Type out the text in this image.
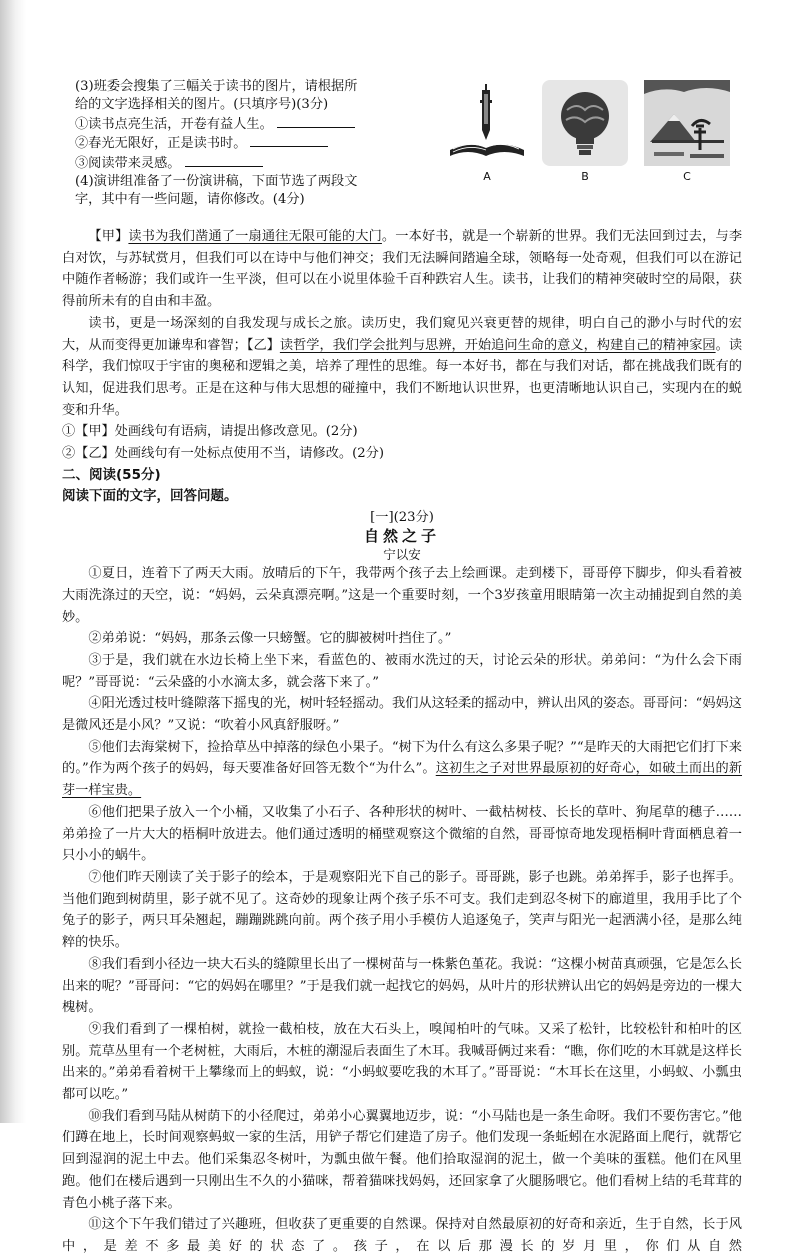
(3)班委会搜集了三幅关于读书的图片，请根据所

给的文字选择相关的图片。(只填序号)(3分)

①读书点亮生活，开卷有益人生。

②春光无限好，正是读书时。

③阅读带来灵感。

(4)演讲组准备了一份演讲稿，下面节选了两段文

字，其中有一些问题，请你修改。(4分)

A	B	C

【甲】读书为我们凿通了一扇通往无限可能的大门。一本好书，就是一个崭新的世界。我们无法回到过去，与李白对饮，与苏轼赏月，但我们可以在诗中与他们神交；我们无法瞬间踏遍全球，领略每一处奇观，但我们可以在游记中随作者畅游；我们或许一生平淡，但可以在小说里体验千百种跌宕人生。读书，让我们的精神突破时空的局限，获得前所未有的自由和丰盈。

读书，更是一场深刻的自我发现与成长之旅。读历史，我们窥见兴衰更替的规律，明白自己的渺小与时代的宏大，从而变得更加谦卑和睿智；【乙】读哲学，我们学会批判与思辨，开始追问生命的意义，构建自己的精神家园。读科学，我们惊叹于宇宙的奥秘和逻辑之美，培养了理性的思维。每一本好书，都在与我们对话，都在挑战我们既有的认知，促进我们思考。正是在这种与伟大思想的碰撞中，我们不断地认识世界，也更清晰地认识自己，实现内在的蜕变和升华。

①【甲】处画线句有语病，请提出修改意见。(2分)

②【乙】处画线句有一处标点使用不当，请修改。(2分)

二、阅读(55分)

阅读下面的文字，回答问题。

[一](23分)

自然之子

宁以安

①夏日，连着下了两天大雨。放晴后的下午，我带两个孩子去上绘画课。走到楼下，哥哥停下脚步，仰头看着被大雨洗涤过的天空，说：“妈妈，云朵真漂亮啊。”这是一个重要时刻，一个3岁孩童用眼睛第一次主动捕捉到自然的美妙。

②弟弟说：“妈妈，那条云像一只螃蟹。它的脚被树叶挡住了。”

③于是，我们就在水边长椅上坐下来，看蓝色的、被雨水洗过的天，讨论云朵的形状。弟弟问：“为什么会下雨呢？”哥哥说：“云朵盛的小水滴太多，就会落下来了。”

④阳光透过枝叶缝隙落下摇曳的光，树叶轻轻摇动。我们从这轻柔的摇动中，辨认出风的姿态。哥哥问：“妈妈这是微风还是小风？”又说：“吹着小风真舒服呀。”

⑤他们去海棠树下，捡拾草丛中掉落的绿色小果子。“树下为什么有这么多果子呢？”“是昨天的大雨把它们打下来的。”作为两个孩子的妈妈，每天要准备好回答无数个“为什么”。这初生之子对世界最原初的好奇心，如破土而出的新芽一样宝贵。

⑥他们把果子放入一个小桶，又收集了小石子、各种形状的树叶、一截枯树枝、长长的草叶、狗尾草的穗子……弟弟捡了一片大大的梧桐叶放进去。他们通过透明的桶壁观察这个微缩的自然，哥哥惊奇地发现梧桐叶背面栖息着一只小小的蜗牛。

⑦他们昨天刚读了关于影子的绘本，于是观察阳光下自己的影子。哥哥跳，影子也跳。弟弟挥手，影子也挥手。当他们跑到树荫里，影子就不见了。这奇妙的现象让两个孩子乐不可支。我们走到忍冬树下的廊道里，我用手比了个兔子的影子，两只耳朵翘起，蹦蹦跳跳向前。两个孩子用小手模仿人追逐兔子，笑声与阳光一起洒满小径，是那么纯粹的快乐。

⑧我们看到小径边一块大石头的缝隙里长出了一棵树苗与一株紫色堇花。我说：“这棵小树苗真顽强，它是怎么长出来的呢？”哥哥问：“它的妈妈在哪里？”于是我们就一起找它的妈妈，从叶片的形状辨认出它的妈妈是旁边的一棵大槐树。

⑨我们看到了一棵柏树，就捡一截柏枝，放在大石头上，嗅闻柏叶的气味。又采了松针，比较松针和柏叶的区别。荒草丛里有一个老树桩，大雨后，木桩的潮湿后表面生了木耳。我喊哥俩过来看：“瞧，你们吃的木耳就是这样长出来的。”弟弟看着树干上攀缘而上的蚂蚁，说：“小蚂蚁要吃我的木耳了。”哥哥说：“木耳长在这里，小蚂蚁、小瓢虫都可以吃。”

⑩我们看到马陆从树荫下的小径爬过，弟弟小心翼翼地迈步，说：“小马陆也是一条生命呀。我们不要伤害它。”他们蹲在地上，长时间观察蚂蚁一家的生活，用铲子帮它们建造了房子。他们发现一条蚯蚓在水泥路面上爬行，就帮它回到湿润的泥土中去。他们采集忍冬树叶，为瓢虫做午餐。他们拾取湿润的泥土，做一个美味的蛋糕。他们在风里跑。他们在楼后遇到一只刚出生不久的小猫咪，帮着猫咪找妈妈，还回家拿了火腿肠喂它。他们看树上结的毛茸茸的青色小桃子落下来。

⑪这个下午我们错过了兴趣班，但收获了更重要的自然课。保持对自然最原初的好奇和亲近，生于自然，长于风中，是差不多最美好的状态了。孩子，在以后那漫长的岁月里，你们从自然
